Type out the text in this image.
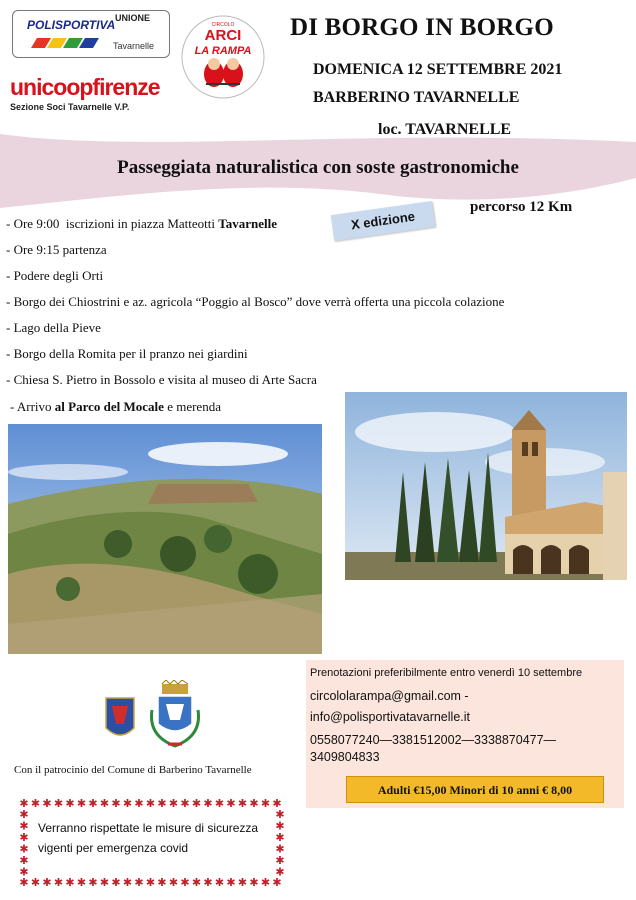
POLISPORTIVA UNIONE
Tavarnelle
unicoopfirenze
Sezione Soci Tavarnelle V.P.
CIRCOLO
ARCI
LA RAMPA
DI BORGO IN BORGO
DOMENICA 12 SETTEMBRE 2021
BARBERINO TAVARNELLE
loc. TAVARNELLE
Passeggiata naturalistica con soste gastronomiche
percorso 12 Km
X edizione
- Ore 9:00  iscrizioni in piazza Matteotti Tavarnelle
- Ore 9:15 partenza
- Podere degli Orti
- Borgo dei Chiostrini e az. agricola “Poggio al Bosco” dove verrà offerta una piccola colazione
- Lago della Pieve
- Borgo della Romita per il pranzo nei giardini
- Chiesa S. Pietro in Bossolo e visita al museo di Arte Sacra
- Arrivo al Parco del Mocale e merenda
Prenotazioni preferibilmente entro venerdì 10 settembre
circololarampa@gmail.com -
info@polisportivatavarnelle.it
0558077240—3381512002—3338870477—3409804833
Adulti €15,00 Minori di 10 anni € 8,00
Con il patrocinio del Comune di Barberino Tavarnelle
✱
✱
✱
✱
✱
✱
✱
✱
✱
✱
✱
✱
✱
✱
✱
✱
✱
✱
✱
✱
✱
✱
✱
✱
✱
✱
✱
✱
✱
✱
✱
✱
✱
✱
✱
✱
✱
✱
✱
✱
✱
✱
✱
✱
✱
✱
✱	✱
✱	✱
✱	✱
✱	✱
✱	✱
✱	✱
Verranno rispettate le misure di sicurezza
vigenti per emergenza covid
